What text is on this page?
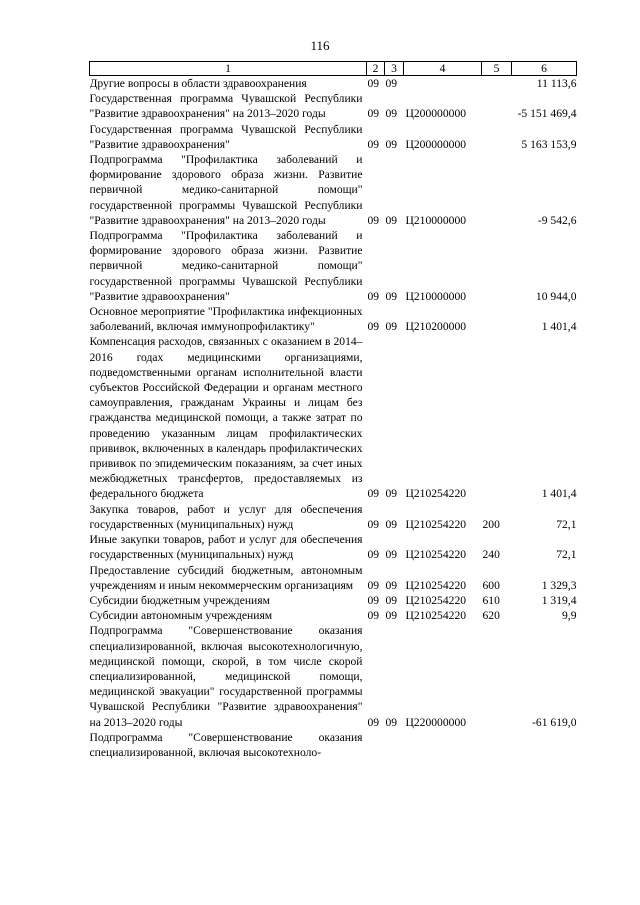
116
1	2	3	4	5	6
Другие вопросы в области здравоохранения	09	09			11 113,6
Государственная программа Чувашской Республики "Развитие здравоохранения" на 2013–2020 годы	09	09	Ц200000000		-5 151 469,4
Государственная программа Чувашской Республики "Развитие здравоохранения"	09	09	Ц200000000		5 163 153,9
Подпрограмма "Профилактика заболеваний и формирование здорового образа жизни. Развитие первичной медико-санитарной помощи" государственной программы Чувашской Республики "Развитие здравоохранения" на 2013–2020 годы	09	09	Ц210000000		-9 542,6
Подпрограмма "Профилактика заболеваний и формирование здорового образа жизни. Развитие первичной медико-санитарной помощи" государственной программы Чувашской Республики "Развитие здравоохранения"	09	09	Ц210000000		10 944,0
Основное мероприятие "Профилактика инфекционных заболеваний, включая иммунопрофилактику"	09	09	Ц210200000		1 401,4
Компенсация расходов, связанных с оказанием в 2014–2016 годах медицинскими организациями, подведомственными органам исполнительной власти субъектов Российской Федерации и органам местного самоуправления, гражданам Украины и лицам без гражданства медицинской помощи, а также затрат по проведению указанным лицам профилактических прививок, включенных в календарь профилактических прививок по эпидемическим показаниям, за счет иных межбюджетных трансфертов, предоставляемых из федерального бюджета	09	09	Ц210254220		1 401,4
Закупка товаров, работ и услуг для обеспечения государственных (муниципальных) нужд	09	09	Ц210254220	200	72,1
Иные закупки товаров, работ и услуг для обеспечения государственных (муниципальных) нужд	09	09	Ц210254220	240	72,1
Предоставление субсидий бюджетным, автономным учреждениям и иным некоммерческим организациям	09	09	Ц210254220	600	1 329,3
Субсидии бюджетным учреждениям	09	09	Ц210254220	610	1 319,4
Субсидии автономным учреждениям	09	09	Ц210254220	620	9,9
Подпрограмма "Совершенствование оказания специализированной, включая высокотехнологичную, медицинской помощи, скорой, в том числе скорой специализированной, медицинской помощи, медицинской эвакуации" государственной программы Чувашской Республики "Развитие здравоохранения" на 2013–2020 годы	09	09	Ц220000000		-61 619,0
Подпрограмма "Совершенствование оказания специализированной, включая высокотехноло-					
